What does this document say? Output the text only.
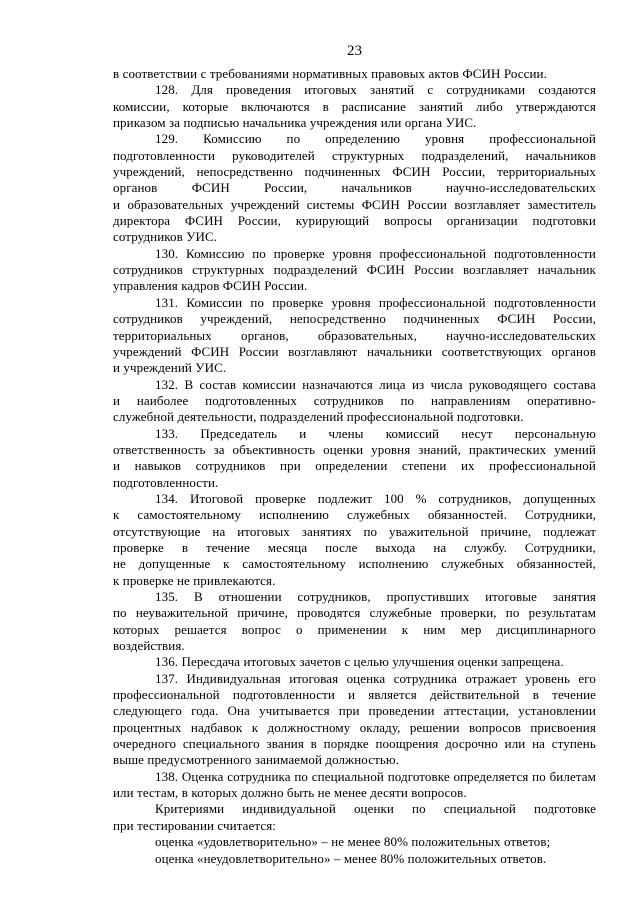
23
в соответствии с требованиями нормативных правовых актов ФСИН России.
128. Для проведения итоговых занятий с сотрудниками создаются
комиссии, которые включаются в расписание занятий либо утверждаются
приказом за подписью начальника учреждения или органа УИС.
129. Комиссию по определению уровня профессиональной
подготовленности руководителей структурных подразделений, начальников
учреждений, непосредственно подчиненных ФСИН России, территориальных
органов	ФСИН	России,	начальников	научно-исследовательских
и образовательных учреждений системы ФСИН России возглавляет заместитель
директора ФСИН России, курирующий вопросы организации подготовки
сотрудников УИС.
130. Комиссию по проверке уровня профессиональной подготовленности
сотрудников структурных подразделений ФСИН России возглавляет начальник
управления кадров ФСИН России.
131. Комиссии по проверке уровня профессиональной подготовленности
сотрудников учреждений, непосредственно подчиненных ФСИН России,
территориальных органов, образовательных, научно-исследовательских
учреждений ФСИН России возглавляют начальники соответствующих органов
и учреждений УИС.
132. В состав комиссии назначаются лица из числа руководящего состава
и наиболее подготовленных сотрудников по направлениям оперативно-
служебной деятельности, подразделений профессиональной подготовки.
133. Председатель и члены комиссий несут персональную
ответственность за объективность оценки уровня знаний, практических умений
и навыков сотрудников при определении степени их профессиональной
подготовленности.
134. Итоговой проверке подлежит 100 % сотрудников, допущенных
к самостоятельному исполнению служебных обязанностей. Сотрудники,
отсутствующие на итоговых занятиях по уважительной причине, подлежат
проверке в течение месяца после выхода на службу. Сотрудники,
не допущенные к самостоятельному исполнению служебных обязанностей,
к проверке не привлекаются.
135. В отношении сотрудников, пропустивших итоговые занятия
по неуважительной причине, проводятся служебные проверки, по результатам
которых решается вопрос о применении к ним мер дисциплинарного
воздействия.
136. Пересдача итоговых зачетов с целью улучшения оценки запрещена.
137. Индивидуальная итоговая оценка сотрудника отражает уровень его
профессиональной подготовленности и является действительной в течение
следующего года. Она учитывается при проведении аттестации, установлении
процентных надбавок к должностному окладу, решении вопросов присвоения
очередного специального звания в порядке поощрения досрочно или на ступень
выше предусмотренного занимаемой должностью.
138. Оценка сотрудника по специальной подготовке определяется по билетам
или тестам, в которых должно быть не менее десяти вопросов.
Критериями индивидуальной оценки по специальной подготовке
при тестировании считается:
оценка «удовлетворительно» – не менее 80% положительных ответов;
оценка «неудовлетворительно» – менее 80% положительных ответов.
